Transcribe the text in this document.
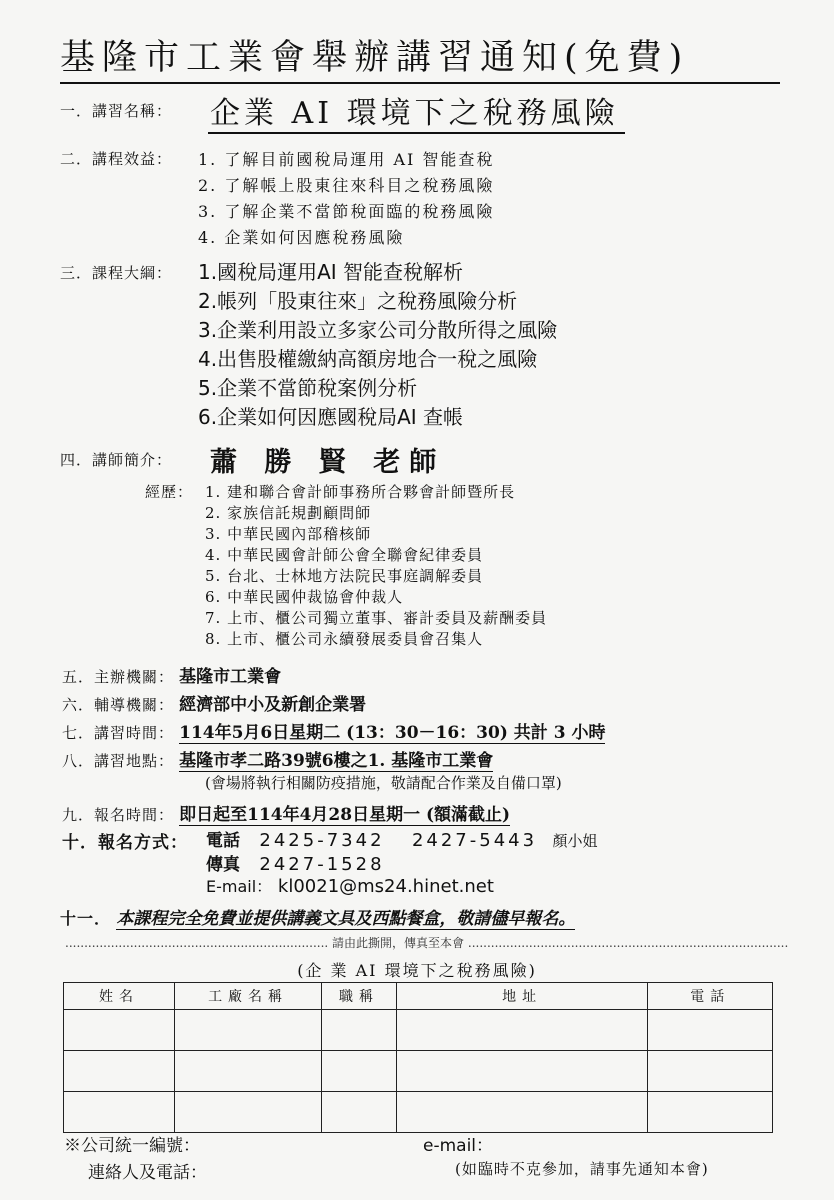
基隆市工業會舉辦講習通知(免費)
一．講習名稱： 企業 AI 環境下之稅務風險
二．講程效益： 1. 了解目前國稅局運用 AI 智能查稅
2. 了解帳上股東往來科目之稅務風險
3. 了解企業不當節稅面臨的稅務風險
4. 企業如何因應稅務風險
三．課程大綱： 1.國稅局運用AI 智能查稅解析
2.帳列「股東往來」之稅務風險分析
3.企業利用設立多家公司分散所得之風險
4.出售股權繳納高額房地合一稅之風險
5.企業不當節稅案例分析
6.企業如何因應國稅局AI 查帳
四．講師簡介： 蕭 勝 賢 老師
經歷： 1. 建和聯合會計師事務所合夥會計師暨所長
2. 家族信託規劃顧問師
3. 中華民國內部稽核師
4. 中華民國會計師公會全聯會紀律委員
5. 台北、士林地方法院民事庭調解委員
6. 中華民國仲裁協會仲裁人
7. 上市、櫃公司獨立董事、審計委員及薪酬委員
8. 上市、櫃公司永續發展委員會召集人
五．主辦機關： 基隆市工業會
六．輔導機關： 經濟部中小及新創企業署
七．講習時間： 114年5月6日星期二 (13：30－16：30) 共計 3 小時
八．講習地點： 基隆市孝二路39號6樓之1. 基隆市工業會
(會場將執行相關防疫措施，敬請配合作業及自備口罩)
九．報名時間： 即日起至114年4月28日星期一 (額滿截止)
十．報名方式： 電話 2425-7342 2427-5443 顏小姐
傳真 2427-1528
E-mail： kl0021@ms24.hinet.net
十一． 本課程完全免費並提供講義文具及西點餐盒，敬請儘早報名。
..................................................................... 請由此撕開，傳真至本會 ....................................................................................
(企 業 AI 環境下之稅務風險)
姓名	工廠名稱	職稱	地址	電話

※公司統一編號：	e-mail：
連絡人及電話：	(如臨時不克參加，請事先通知本會)
